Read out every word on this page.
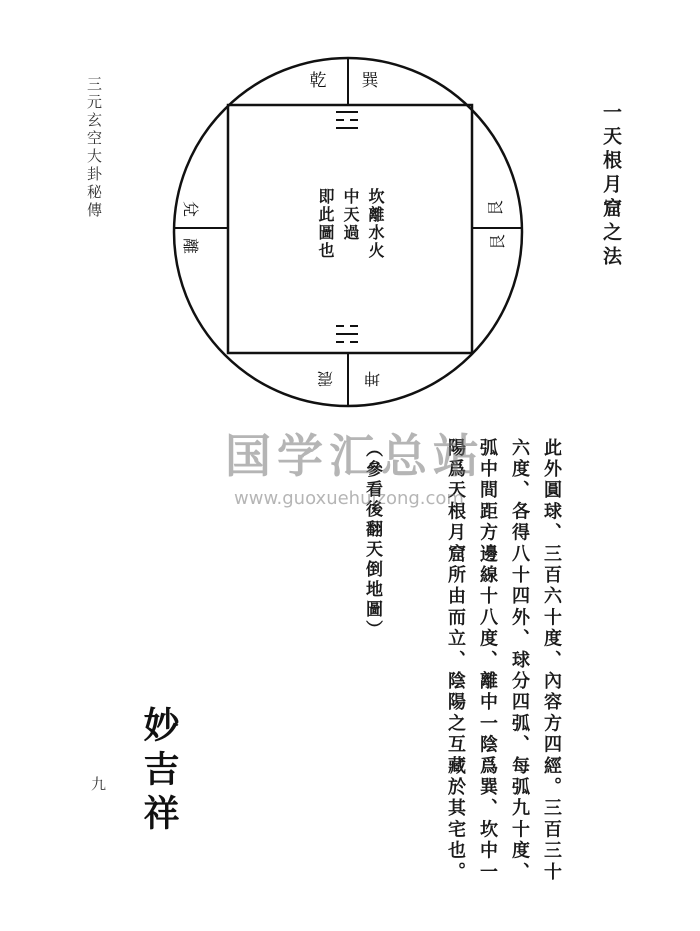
三元玄空大卦秘傳	一天根月窟之法
乾 巽
艮
艮
兌
離
震 坤
坎離水火
中天過
即此圖也
此外圓球、三百六十度、內容方四經。三百三十
六度、各得八十四外、球分四弧、每弧九十度、
弧中間距方邊線十八度、離中一陰爲巽、坎中一
陽爲天根月窟所由而立、陰陽之互藏於其宅也。
（參看後翻天倒地圖）
妙吉祥
九
国学汇总站
www.guoxuehuizong.com
